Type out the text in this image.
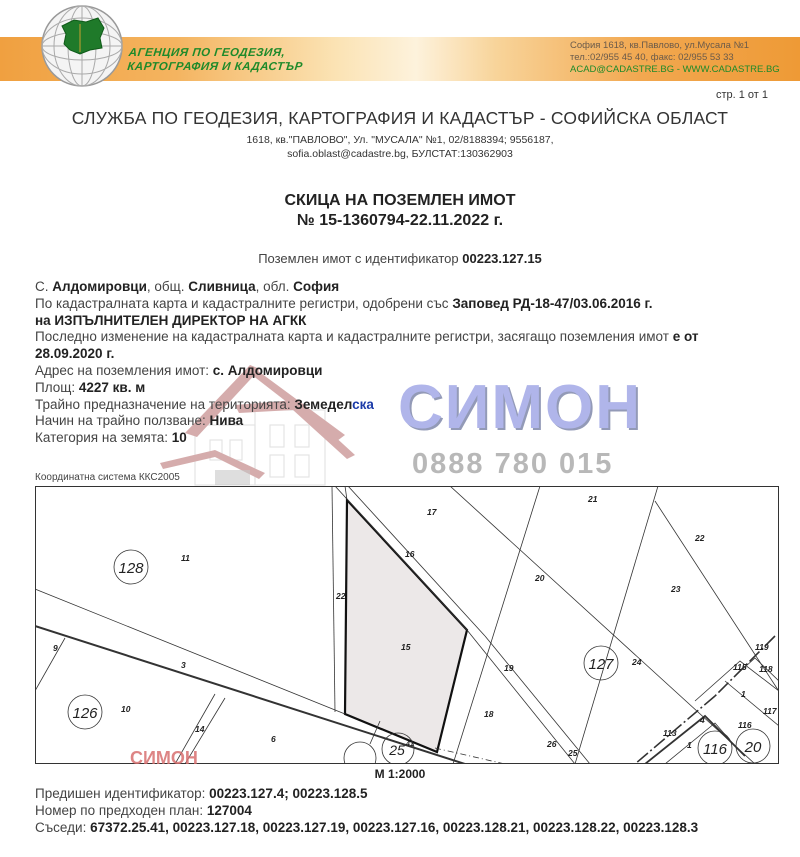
АГЕНЦИЯ ПО ГЕОДЕЗИЯ,
КАРТОГРАФИЯ И КАДАСТЪР
София 1618, кв.Павлово, ул.Мусала №1
тел.:02/955 45 40, факс: 02/955 53 33
ACAD@CADASTRE.BG - WWW.CADASTRE.BG
стр. 1 от 1
СЛУЖБА ПО ГЕОДЕЗИЯ, КАРТОГРАФИЯ И КАДАСТЪР - СОФИЙСКА ОБЛАСТ
1618, кв."ПАВЛОВО", Ул. "МУСАЛА" №1, 02/8188394; 9556187,
sofia.oblast@cadastre.bg, БУЛСТАТ:130362903
СКИЦА НА ПОЗЕМЛЕН ИМОТ
№ 15-1360794-22.11.2022 г.
Поземлен имот с идентификатор 00223.127.15
С. Алдомировци, общ. Сливница, обл. София
По кадастралната карта и кадастралните регистри, одобрени със Заповед РД-18-47/03.06.2016 г.
на ИЗПЪЛНИТЕЛЕН ДИРЕКТОР НА АГКК
Последно изменение на кадастралната карта и кадастралните регистри, засягащо поземления имот е от
28.09.2020 г.
Адрес на поземления имот: с. Алдомировци
Площ: 4227 кв. м
Трайно предназначение на територията: Земеделска
Начин на трайно ползване: Нива
Категория на земята: 10	СИМОН
0888 780 015
Координатна система ККС2005
128
126
127
116 20
25
11
22
17
16
21
22
20
23
9
3
15
19
24
10	18
14
6	26
25
119
115 118
1
117
116
113
4
1
41
СИМОН
М 1:2000
Предишен идентификатор: 00223.127.4; 00223.128.5
Номер по предходен план: 127004
Съседи: 67372.25.41, 00223.127.18, 00223.127.19, 00223.127.16, 00223.128.21, 00223.128.22, 00223.128.3
